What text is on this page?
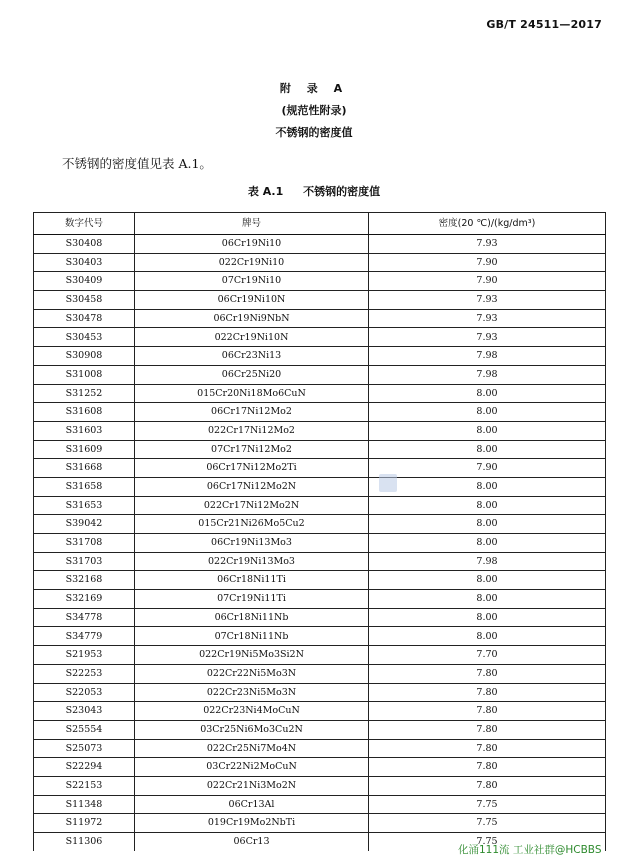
GB/T 24511—2017
附 录 A
(规范性附录)
不锈钢的密度值
不锈钢的密度值见表 A.1。
表 A.1 不锈钢的密度值
数字代号	牌号	密度(20 ℃)/(kg/dm³)
S30408	06Cr19Ni10	7.93
S30403	022Cr19Ni10	7.90
S30409	07Cr19Ni10	7.90
S30458	06Cr19Ni10N	7.93
S30478	06Cr19Ni9NbN	7.93
S30453	022Cr19Ni10N	7.93
S30908	06Cr23Ni13	7.98
S31008	06Cr25Ni20	7.98
S31252	015Cr20Ni18Mo6CuN	8.00
S31608	06Cr17Ni12Mo2	8.00
S31603	022Cr17Ni12Mo2	8.00
S31609	07Cr17Ni12Mo2	8.00
S31668	06Cr17Ni12Mo2Ti	7.90
S31658	06Cr17Ni12Mo2N	8.00
S31653	022Cr17Ni12Mo2N	8.00
S39042	015Cr21Ni26Mo5Cu2	8.00
S31708	06Cr19Ni13Mo3	8.00
S31703	022Cr19Ni13Mo3	7.98
S32168	06Cr18Ni11Ti	8.00
S32169	07Cr19Ni11Ti	8.00
S34778	06Cr18Ni11Nb	8.00
S34779	07Cr18Ni11Nb	8.00
S21953	022Cr19Ni5Mo3Si2N	7.70
S22253	022Cr22Ni5Mo3N	7.80
S22053	022Cr23Ni5Mo3N	7.80
S23043	022Cr23Ni4MoCuN	7.80
S25554	03Cr25Ni6Mo3Cu2N	7.80
S25073	022Cr25Ni7Mo4N	7.80
S22294	03Cr22Ni2MoCuN	7.80
S22153	022Cr21Ni3Mo2N	7.80
S11348	06Cr13Al	7.75
S11972	019Cr19Mo2NbTi	7.75
S11306	06Cr13	7.75
化涌111流 工业社群@HCBBS
